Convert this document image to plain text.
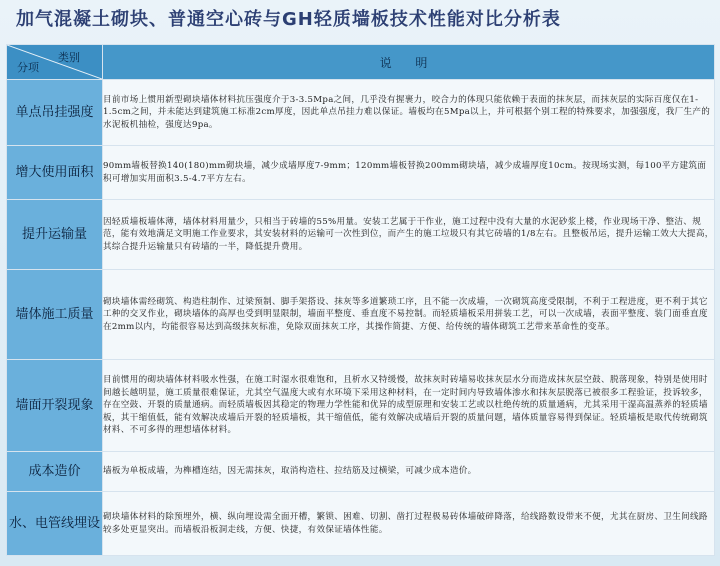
加气混凝土砌块、普通空心砖与GH轻质墙板技术性能对比分析表
类别
分项	说 明
单点吊挂强度	目前市场上惯用新型砌块墙体材料抗压强度介于3-3.5Mpa之间，几乎没有握裹力，咬合力的体现只能依赖于表面的抹灰层，而抹灰层的实际百度仅在1-1.5cm之间，并未能达到建筑施工标准2cm厚度，因此单点吊挂力难以保证。墙板均在5Mpa以上，并可根据个别工程的特殊要求，加强强度，我厂生产的水泥板机抽检，强度达9pa。
增大使用面积	90mm墙板替换140(180)mm砌块墙，减少成墙厚度7-9mm；120mm墙板替换200mm砌块墙，减少成墙厚度10cm。按现场实测，每100平方建筑面积可增加实用面积3.5-4.7平方左右。
提升运输量	因轻质墙板墙体薄，墙体材料用量少，只相当于砖墙的55%用量。安装工艺属于干作业，施工过程中没有大量的水泥砂浆上楼，作业现场干净、整洁、规范，能有效地满足文明施工作业要求，其安装材料的运输可一次性到位，而产生的施工垃圾只有其它砖墙的1/8左右。且整板吊运，提升运输工效大大提高，其综合提升运输量只有砖墙的一半，降低提升费用。
墙体施工质量	砌块墙体需经砌筑、构造柱制作、过梁预制、脚手架搭设、抹灰等多道繁琐工序，且不能一次成墙，一次砌筑高度受限制，不利于工程进度，更不利于其它工种的交叉作业，砌块墙体的高厚也受到明显限制，墙面平整度、垂直度不易控制。而轻质墙板采用拼装工艺，可以一次成墙，表面平整度、装门面垂直度在2mm以内，均能很容易达到高级抹灰标准，免除双面抹灰工序，其操作简捷、方便、给传统的墙体砌筑工艺带来革命性的变革。
墙面开裂现象	目前惯用的砌块墙体材料吸水性强，在施工时湿水很难饱和，且析水又特缓慢，故抹灰时砖墙易收抹灰层水分而造成抹灰层空鼓、脱落现象，特别是使用时间越长越明显，施工质量很难保证，尤其空气温度大或有水环境下采用这种材料，在一定时间内导致墙体渗水和抹灰层脱落已被很多工程验证，投诉较多，存在空鼓、开裂的质量通病。而轻质墙板因其稳定的物理力学性能和优异的成型原理和安装工艺或以杜绝传统的质量通病，尤其采用干湿高温蒸养的轻质墙板，其干缩值低，能有效解决成墙后开裂的轻质墙板，其干缩值低，能有效解决成墙后开裂的质量问题，墙体质量容易得到保证。轻质墙板是取代传统砌筑材料、不可多得的理想墙体材料。
成本造价	墙板为单板成墙，为榫槽连结，因无需抹灰，取消构造柱、拉结筋及过横梁，可减少成本造价。
水、电管线埋设	砌块墙体材料的除预埋外，横、纵向埋设需全面开槽，繁锁、困难、切割、凿打过程极易砖体墙破碎降落，给线路数设带来不便，尤其在厨房、卫生间线路较多处更显突出。而墙板沿板洞走线，方便、快捷，有效保证墙体性能。
